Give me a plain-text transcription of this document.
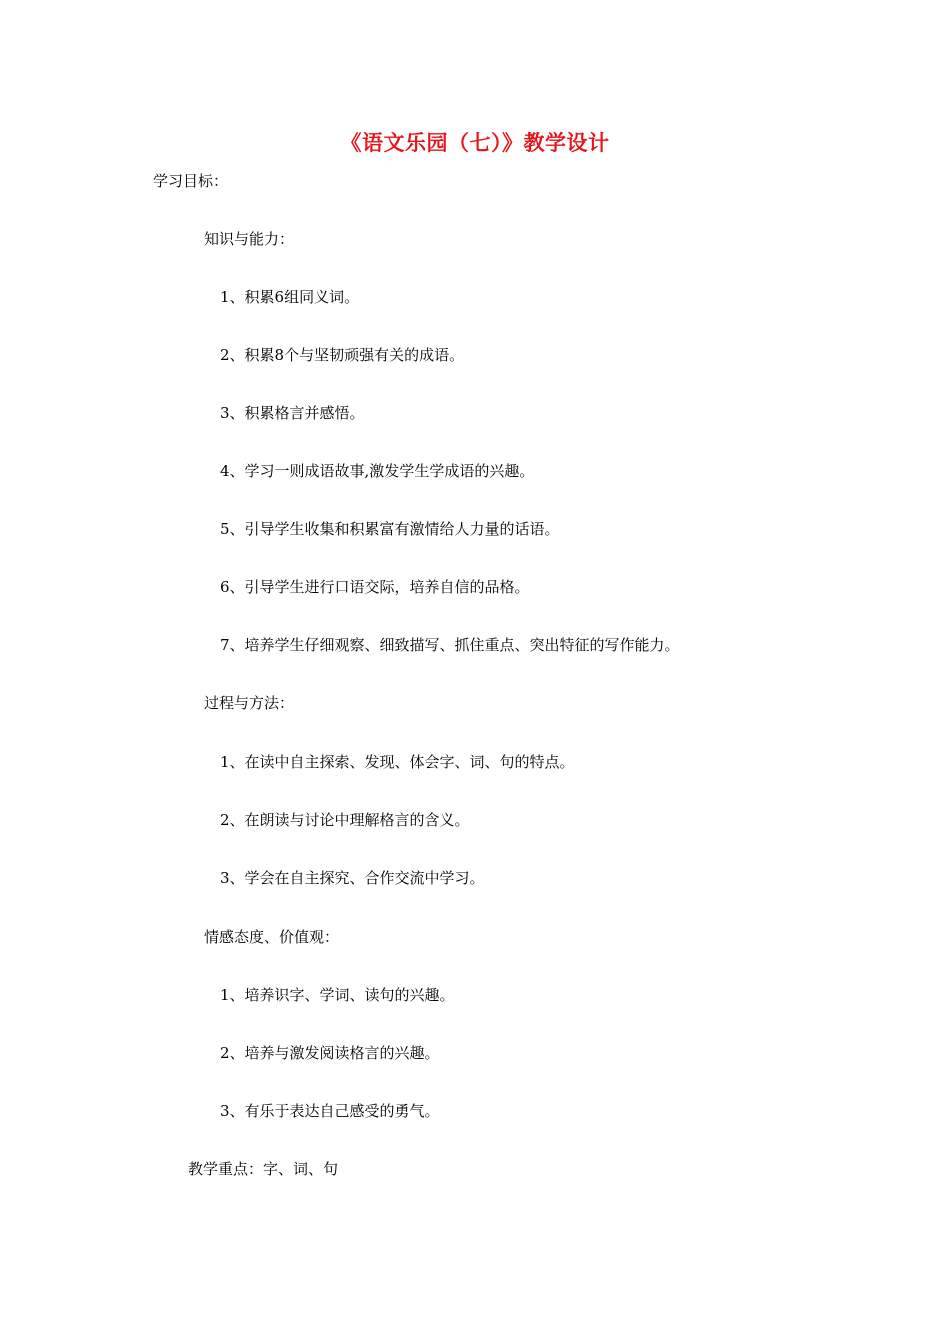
《语文乐园（七）》教学设计
学习目标：
知识与能力：
1、积累6组同义词。
2、积累8个与坚韧顽强有关的成语。
3、积累格言并感悟。
4、学习一则成语故事,激发学生学成语的兴趣。
5、引导学生收集和积累富有激情给人力量的话语。
6、引导学生进行口语交际，培养自信的品格。
7、培养学生仔细观察、细致描写、抓住重点、突出特征的写作能力。
过程与方法：
1、在读中自主探索、发现、体会字、词、句的特点。
2、在朗读与讨论中理解格言的含义。
3、学会在自主探究、合作交流中学习。
情感态度、价值观：
1、培养识字、学词、读句的兴趣。
2、培养与激发阅读格言的兴趣。
3、有乐于表达自己感受的勇气。
教学重点：字、词、句
